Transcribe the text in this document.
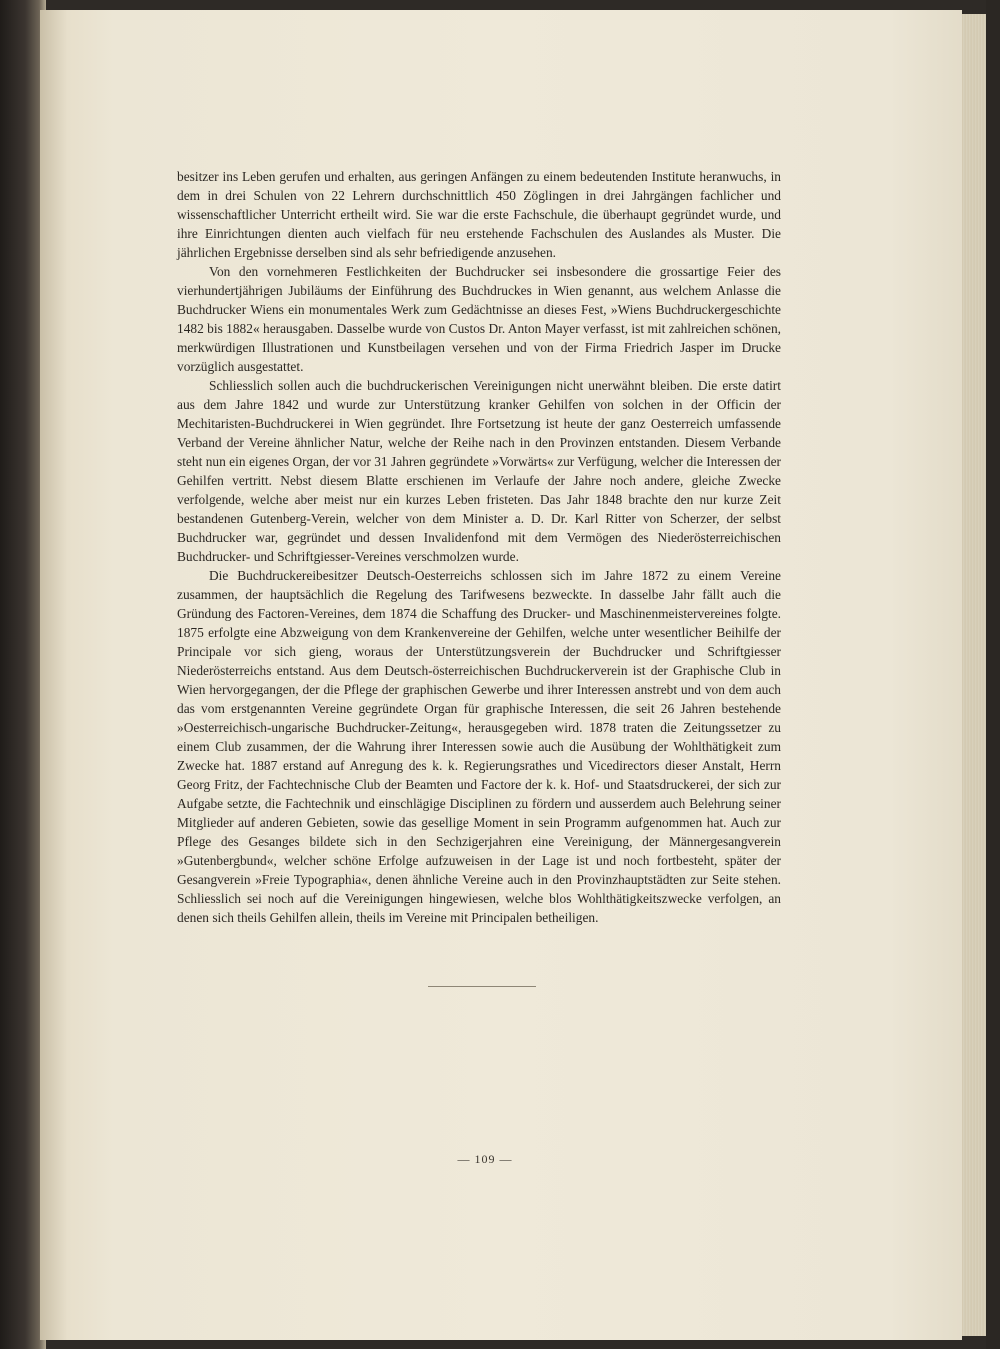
besitzer ins Leben gerufen und erhalten, aus geringen Anfängen zu einem bedeutenden Institute heranwuchs, in dem in drei Schulen von 22 Lehrern durchschnittlich 450 Zöglingen in drei Jahrgängen fachlicher und wissenschaftlicher Unterricht ertheilt wird. Sie war die erste Fachschule, die überhaupt gegründet wurde, und ihre Einrichtungen dienten auch vielfach für neu erstehende Fachschulen des Auslandes als Muster. Die jährlichen Ergebnisse derselben sind als sehr befriedigende anzusehen.

Von den vornehmeren Festlichkeiten der Buchdrucker sei insbesondere die grossartige Feier des vierhundertjährigen Jubiläums der Einführung des Buchdruckes in Wien genannt, aus welchem Anlasse die Buchdrucker Wiens ein monumentales Werk zum Gedächtnisse an dieses Fest, »Wiens Buchdruckergeschichte 1482 bis 1882« herausgaben. Dasselbe wurde von Custos Dr. Anton Mayer verfasst, ist mit zahlreichen schönen, merkwürdigen Illustrationen und Kunstbeilagen versehen und von der Firma Friedrich Jasper im Drucke vorzüglich ausgestattet.

Schliesslich sollen auch die buchdruckerischen Vereinigungen nicht unerwähnt bleiben. Die erste datirt aus dem Jahre 1842 und wurde zur Unterstützung kranker Gehilfen von solchen in der Officin der Mechitaristen-Buchdruckerei in Wien gegründet. Ihre Fortsetzung ist heute der ganz Oesterreich umfassende Verband der Vereine ähnlicher Natur, welche der Reihe nach in den Provinzen entstanden. Diesem Verbande steht nun ein eigenes Organ, der vor 31 Jahren gegründete »Vorwärts« zur Verfügung, welcher die Interessen der Gehilfen vertritt. Nebst diesem Blatte erschienen im Verlaufe der Jahre noch andere, gleiche Zwecke verfolgende, welche aber meist nur ein kurzes Leben fristeten. Das Jahr 1848 brachte den nur kurze Zeit bestandenen Gutenberg-Verein, welcher von dem Minister a. D. Dr. Karl Ritter von Scherzer, der selbst Buchdrucker war, gegründet und dessen Invalidenfond mit dem Vermögen des Niederösterreichischen Buchdrucker- und Schriftgiesser-Vereines verschmolzen wurde.

Die Buchdruckereibesitzer Deutsch-Oesterreichs schlossen sich im Jahre 1872 zu einem Vereine zusammen, der hauptsächlich die Regelung des Tarifwesens bezweckte. In dasselbe Jahr fällt auch die Gründung des Factoren-Vereines, dem 1874 die Schaffung des Drucker- und Maschinenmeistervereines folgte. 1875 erfolgte eine Abzweigung von dem Krankenvereine der Gehilfen, welche unter wesentlicher Beihilfe der Principale vor sich gieng, woraus der Unterstützungsverein der Buchdrucker und Schriftgiesser Niederösterreichs entstand. Aus dem Deutsch-österreichischen Buchdruckerverein ist der Graphische Club in Wien hervorgegangen, der die Pflege der graphischen Gewerbe und ihrer Interessen anstrebt und von dem auch das vom erstgenannten Vereine gegründete Organ für graphische Interessen, die seit 26 Jahren bestehende »Oesterreichisch-ungarische Buchdrucker-Zeitung«, herausgegeben wird. 1878 traten die Zeitungssetzer zu einem Club zusammen, der die Wahrung ihrer Interessen sowie auch die Ausübung der Wohlthätigkeit zum Zwecke hat. 1887 erstand auf Anregung des k. k. Regierungsrathes und Vicedirectors dieser Anstalt, Herrn Georg Fritz, der Fachtechnische Club der Beamten und Factore der k. k. Hof- und Staatsdruckerei, der sich zur Aufgabe setzte, die Fachtechnik und einschlägige Disciplinen zu fördern und ausserdem auch Belehrung seiner Mitglieder auf anderen Gebieten, sowie das gesellige Moment in sein Programm aufgenommen hat. Auch zur Pflege des Gesanges bildete sich in den Sechzigerjahren eine Vereinigung, der Männergesangverein »Gutenbergbund«, welcher schöne Erfolge aufzuweisen in der Lage ist und noch fortbesteht, später der Gesangverein »Freie Typographia«, denen ähnliche Vereine auch in den Provinzhauptstädten zur Seite stehen. Schliesslich sei noch auf die Vereinigungen hingewiesen, welche blos Wohlthätigkeitszwecke verfolgen, an denen sich theils Gehilfen allein, theils im Vereine mit Principalen betheiligen.

— 109 —
